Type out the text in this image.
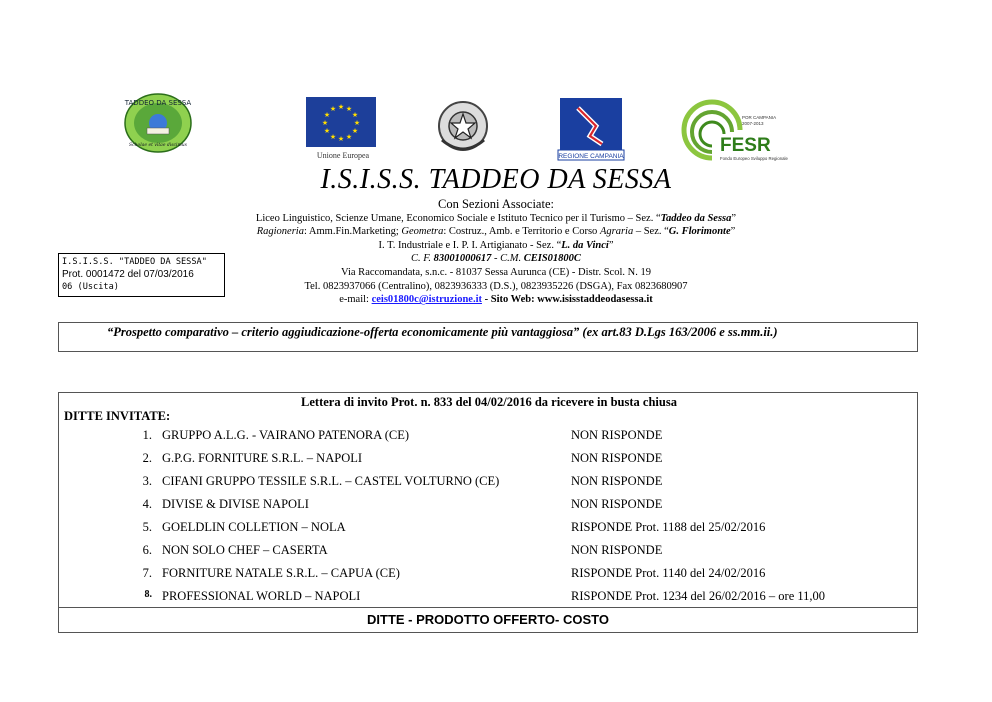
TADDEO DA SESSA
Scholae et vitae discimus
★ ★
★
★
★
★
★
★
★
★
★
★
Unione Europea	REGIONE CAMPANIA
POR CAMPANIA
2007-2013
FESR
Fondo Europeo Sviluppo Regionale
I.S.I.S.S. TADDEO DA SESSA
Con Sezioni Associate:
Liceo Linguistico, Scienze Umane, Economico Sociale e Istituto Tecnico per il Turismo – Sez. “Taddeo da Sessa”
Ragioneria: Amm.Fin.Marketing; Geometra: Costruz., Amb. e Territorio e Corso Agraria – Sez. “G. Florimonte”
I. T. Industriale e I. P. I. Artigianato - Sez. “L. da Vinci”
C. F. 83001000617 - C.M. CEIS01800C
Via Raccomandata, s.n.c. - 81037 Sessa Aurunca (CE) - Distr. Scol. N. 19
Tel. 0823937066 (Centralino), 0823936333 (D.S.), 0823935226 (DSGA), Fax 0823680907
e-mail: ceis01800c@istruzione.it - Sito Web: www.isisstaddeodasessa.it
I.S.I.S.S. "TADDEO DA SESSA"
Prot. 0001472 del 07/03/2016
06 (Uscita)
“Prospetto comparativo – criterio aggiudicazione-offerta economicamente più vantaggiosa” (ex art.83 D.Lgs 163/2006 e ss.mm.ii.)
Lettera di invito Prot. n. 833 del 04/02/2016 da ricevere in busta chiusa
DITTE INVITATE:
1. GRUPPO A.L.G. - VAIRANO PATENORA (CE)	NON RISPONDE
2. G.P.G. FORNITURE S.R.L. – NAPOLI	NON RISPONDE
3. CIFANI GRUPPO TESSILE S.R.L. – CASTEL VOLTURNO (CE)	NON RISPONDE
4. DIVISE & DIVISE NAPOLI	NON RISPONDE
5. GOELDLIN COLLETION – NOLA	RISPONDE Prot. 1188 del 25/02/2016
6. NON SOLO CHEF – CASERTA	NON RISPONDE
7. FORNITURE NATALE S.R.L. – CAPUA (CE)	RISPONDE Prot. 1140 del 24/02/2016
8. PROFESSIONAL WORLD – NAPOLI	RISPONDE Prot. 1234 del 26/02/2016 – ore 11,00
DITTE - PRODOTTO OFFERTO- COSTO
